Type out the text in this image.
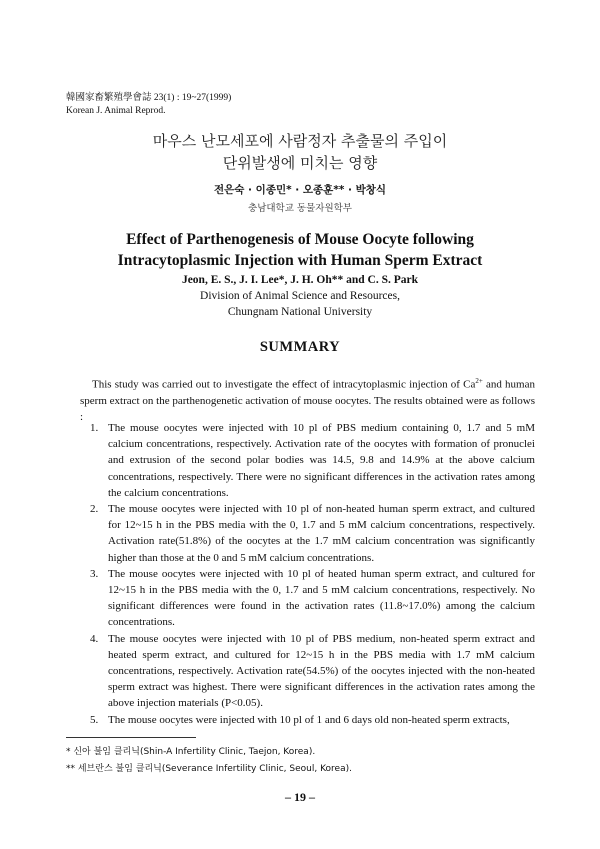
韓國家畜繁殖學會誌 23(1) : 19~27(1999)
Korean J. Animal Reprod.
마우스 난모세포에 사람정자 추출물의 주입이
단위발생에 미치는 영향
전은숙 · 이종민* · 오종훈** · 박창식
충남대학교 동물자원학부
Effect of Parthenogenesis of Mouse Oocyte following
Intracytoplasmic Injection with Human Sperm Extract
Jeon, E. S., J. I. Lee*, J. H. Oh** and C. S. Park
Division of Animal Science and Resources,
Chungnam National University
SUMMARY
This study was carried out to investigate the effect of intracytoplasmic injection of $Ca^{2+}$ and human sperm extract on the parthenogenetic activation of mouse oocytes. The results obtained were as follows :
1. The mouse oocytes were injected with 10 pl of PBS medium containing 0, 1.7 and 5 mM calcium concentrations, respectively. Activation rate of the oocytes with formation of pronuclei and extrusion of the second polar bodies was 14.5, 9.8 and 14.9% at the above calcium concentrations, respectively. There were no significant differences in the activation rates among the calcium concentrations.
2. The mouse oocytes were injected with 10 pl of non-heated human sperm extract, and cultured for 12~15 h in the PBS media with the 0, 1.7 and 5 mM calcium concentrations, respectively. Activation rate(51.8%) of the oocytes at the 1.7 mM calcium concentration was significantly higher than those at the 0 and 5 mM calcium concentrations.
3. The mouse oocytes were injected with 10 pl of heated human sperm extract, and cultured for 12~15 h in the PBS media with the 0, 1.7 and 5 mM calcium concentrations, respectively. No significant differences were found in the activation rates (11.8~17.0%) among the calcium concentrations.
4. The mouse oocytes were injected with 10 pl of PBS medium, non-heated sperm extract and heated sperm extract, and cultured for 12~15 h in the PBS media with 1.7 mM calcium concentrations, respectively. Activation rate(54.5%) of the oocytes injected with the non-heated sperm extract was highest. There were significant differences in the activation rates among the above injection materials (P<0.05).
5. The mouse oocytes were injected with 10 pl of 1 and 6 days old non-heated sperm extracts,
* 신아 불임 클리닉(Shin-A Infertility Clinic, Taejon, Korea).
** 세브란스 불임 클리닉(Severance Infertility Clinic, Seoul, Korea).
– 19 –
